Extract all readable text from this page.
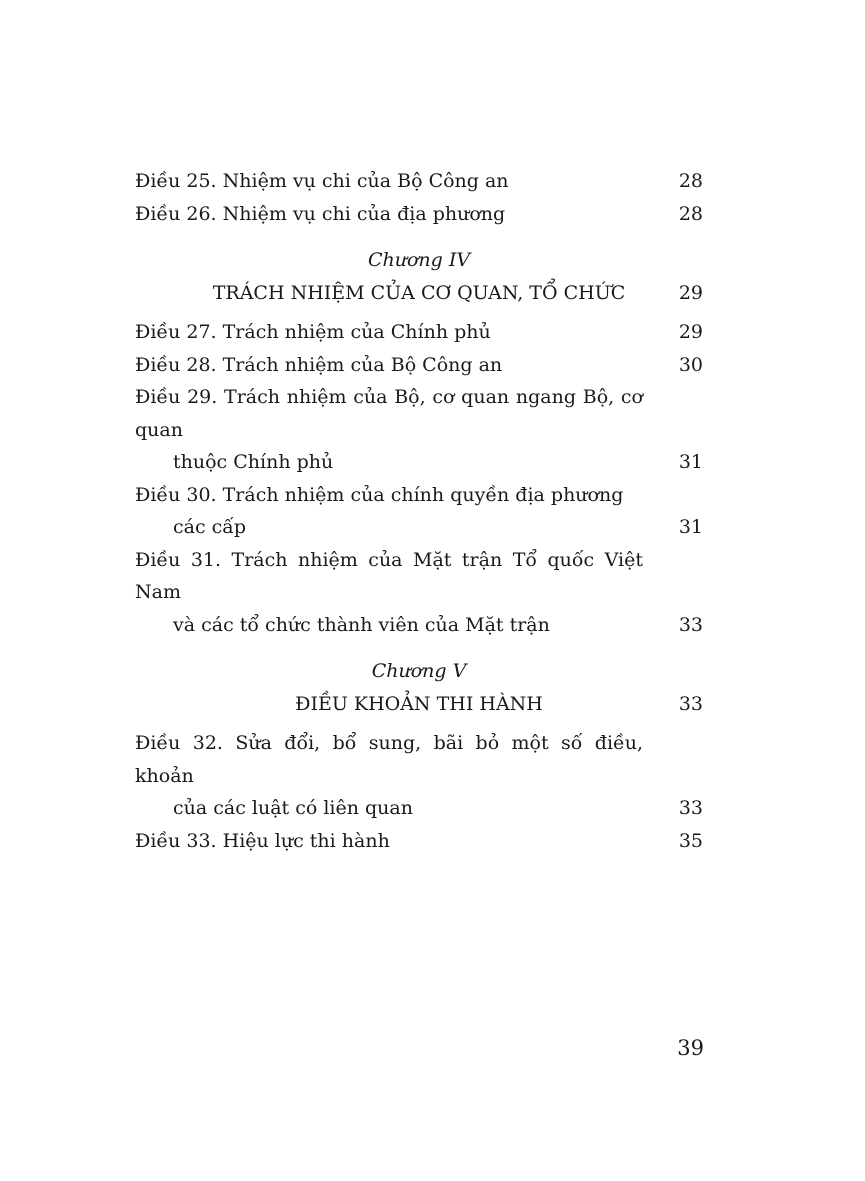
Điều 25. Nhiệm vụ chi của Bộ Công an	28
Điều 26. Nhiệm vụ chi của địa phương	28
Chương IV
TRÁCH NHIỆM CỦA CƠ QUAN, TỔ CHỨC	29
Điều 27. Trách nhiệm của Chính phủ	29
Điều 28. Trách nhiệm của Bộ Công an	30
Điều 29. Trách nhiệm của Bộ, cơ quan ngang Bộ, cơ quan
thuộc Chính phủ	31
Điều 30. Trách nhiệm của chính quyền địa phương
các cấp	31
Điều 31. Trách nhiệm của Mặt trận Tổ quốc Việt Nam
và các tổ chức thành viên của Mặt trận	33
Chương V
ĐIỀU KHOẢN THI HÀNH	33
Điều 32. Sửa đổi, bổ sung, bãi bỏ một số điều, khoản
của các luật có liên quan	33
Điều 33. Hiệu lực thi hành	35
39
